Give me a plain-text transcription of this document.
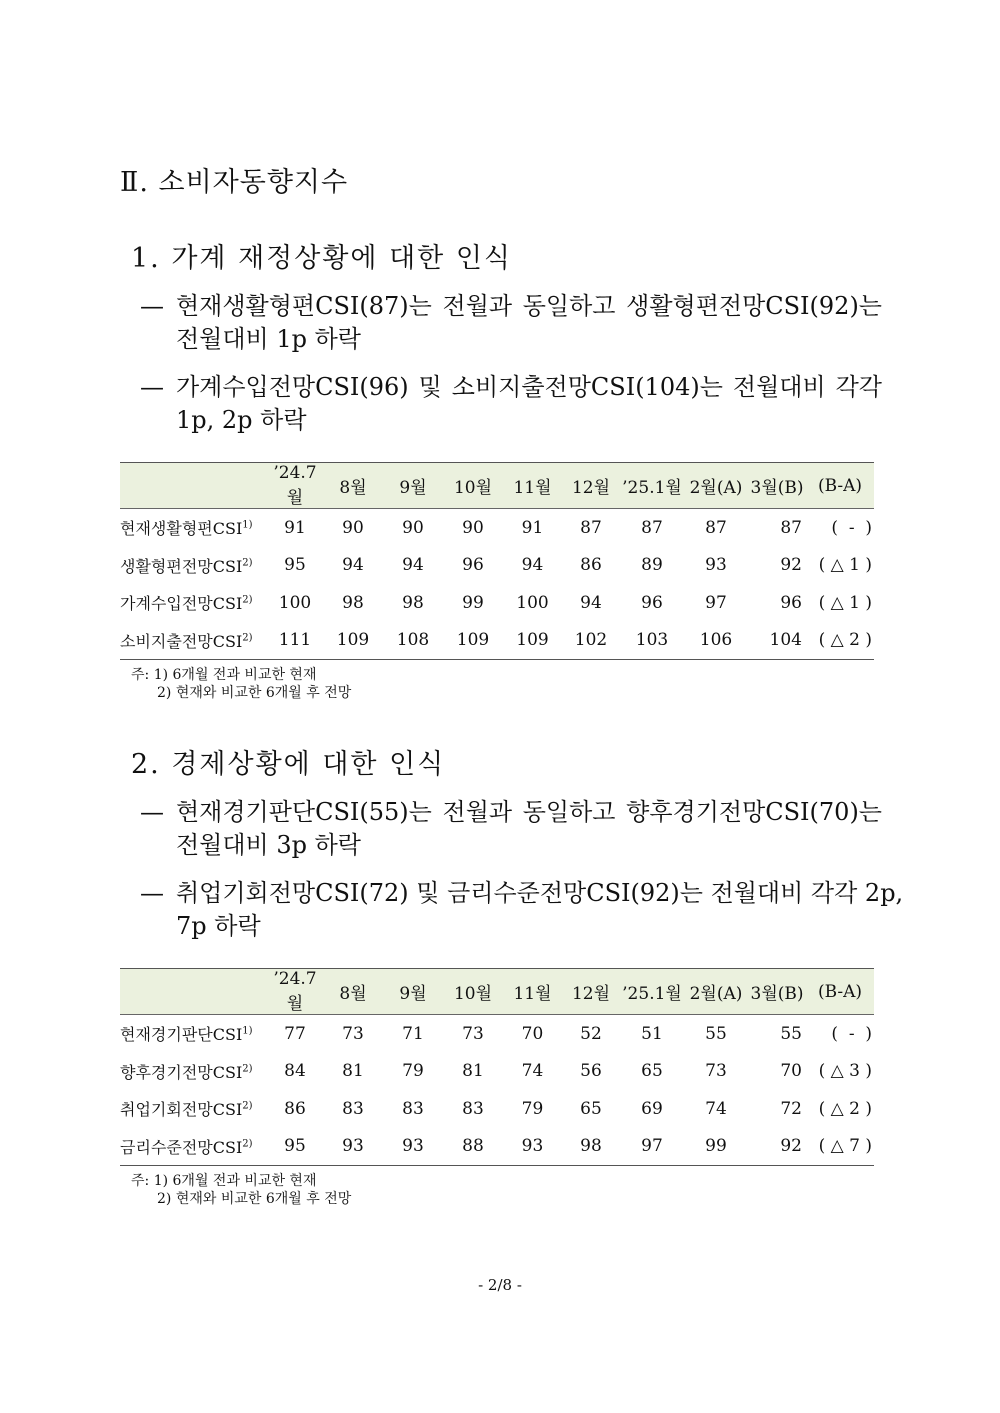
Ⅱ. 소비자동향지수
1. 가계 재정상황에 대한 인식
— 현재생활형편CSI(87)는 전월과 동일하고 생활형편전망CSI(92)는
전월대비 1p 하락
— 가계수입전망CSI(96) 및 소비지출전망CSI(104)는 전월대비 각각
1p, 2p 하락
	’24.7월	8월	9월	10월	11월	12월	’25.1월	2월(A)	3월(B)	(B-A)
현재생활형편CSI$^{1)}$	91	90	90	90	91	87	87	87	87	(  -  )
생활형편전망CSI$^{2)}$	95	94	94	96	94	86	89	93	92	( △ 1 )
가계수입전망CSI$^{2)}$	100	98	98	99	100	94	96	97	96	( △ 1 )
소비지출전망CSI$^{2)}$	111	109	108	109	109	102	103	106	104	( △ 2 )
주: 1) 6개월 전과 비교한 현재
2) 현재와 비교한 6개월 후 전망
2. 경제상황에 대한 인식
— 현재경기판단CSI(55)는 전월과 동일하고 향후경기전망CSI(70)는
전월대비 3p 하락
— 취업기회전망CSI(72) 및 금리수준전망CSI(92)는 전월대비 각각 2p,
7p 하락
	’24.7월	8월	9월	10월	11월	12월	’25.1월	2월(A)	3월(B)	(B-A)
현재경기판단CSI$^{1)}$	77	73	71	73	70	52	51	55	55	(  -  )
향후경기전망CSI$^{2)}$	84	81	79	81	74	56	65	73	70	( △ 3 )
취업기회전망CSI$^{2)}$	86	83	83	83	79	65	69	74	72	( △ 2 )
금리수준전망CSI$^{2)}$	95	93	93	88	93	98	97	99	92	( △ 7 )
주: 1) 6개월 전과 비교한 현재
2) 현재와 비교한 6개월 후 전망
- 2/8 -
